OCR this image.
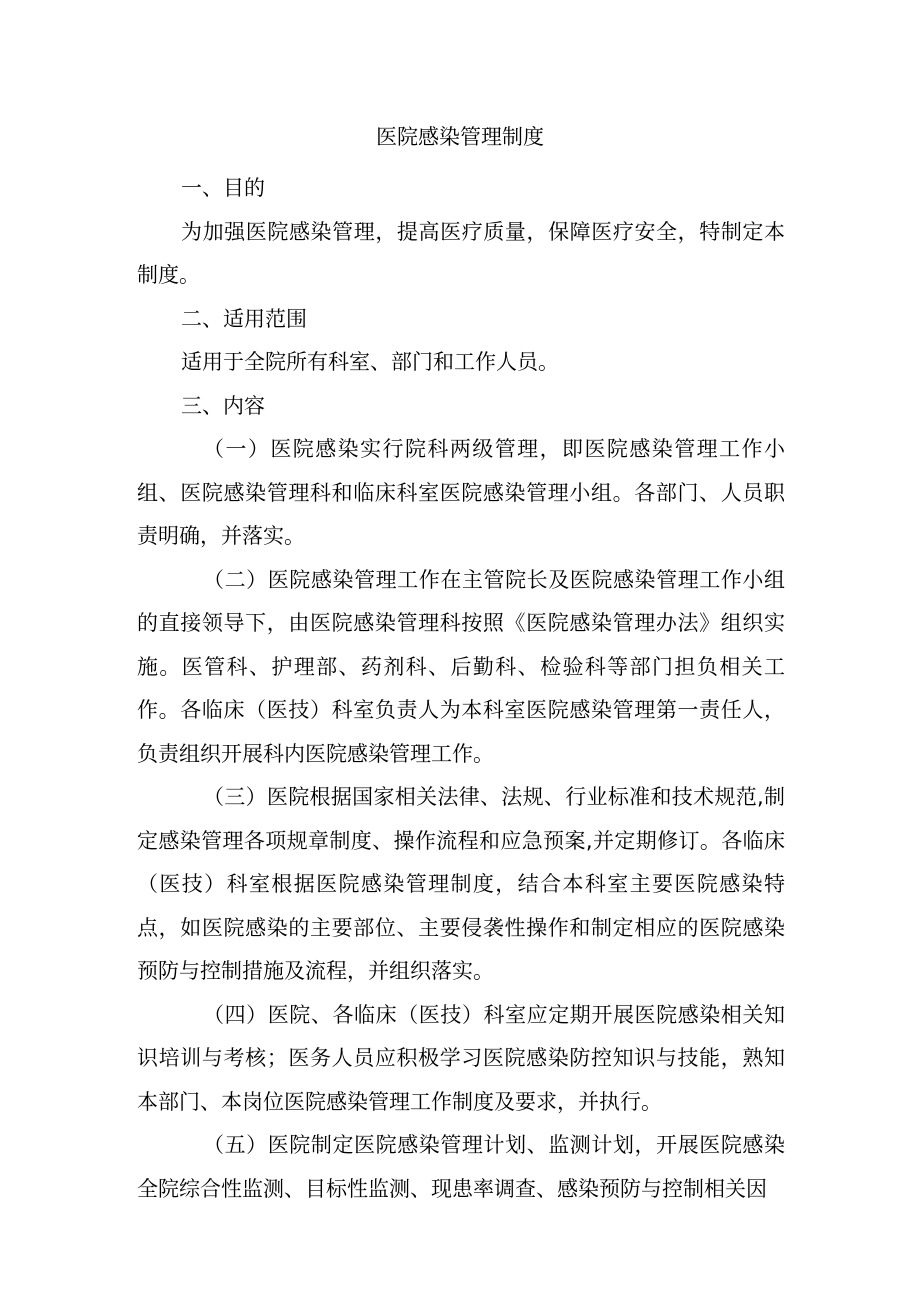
医院感染管理制度

一、目的

为加强医院感染管理，提高医疗质量，保障医疗安全，特制定本制度。

二、适用范围

适用于全院所有科室、部门和工作人员。

三、内容

（一）医院感染实行院科两级管理，即医院感染管理工作小组、医院感染管理科和临床科室医院感染管理小组。各部门、人员职责明确，并落实。

（二）医院感染管理工作在主管院长及医院感染管理工作小组的直接领导下，由医院感染管理科按照《医院感染管理办法》组织实施。医管科、护理部、药剂科、后勤科、检验科等部门担负相关工作。各临床（医技）科室负责人为本科室医院感染管理第一责任人，负责组织开展科内医院感染管理工作。

（三）医院根据国家相关法律、法规、行业标准和技术规范,制定感染管理各项规章制度、操作流程和应急预案,并定期修订。各临床（医技）科室根据医院感染管理制度，结合本科室主要医院感染特点，如医院感染的主要部位、主要侵袭性操作和制定相应的医院感染预防与控制措施及流程，并组织落实。

（四）医院、各临床（医技）科室应定期开展医院感染相关知识培训与考核；医务人员应积极学习医院感染防控知识与技能，熟知本部门、本岗位医院感染管理工作制度及要求，并执行。

（五）医院制定医院感染管理计划、监测计划，开展医院感染全院综合性监测、目标性监测、现患率调查、感染预防与控制相关因
